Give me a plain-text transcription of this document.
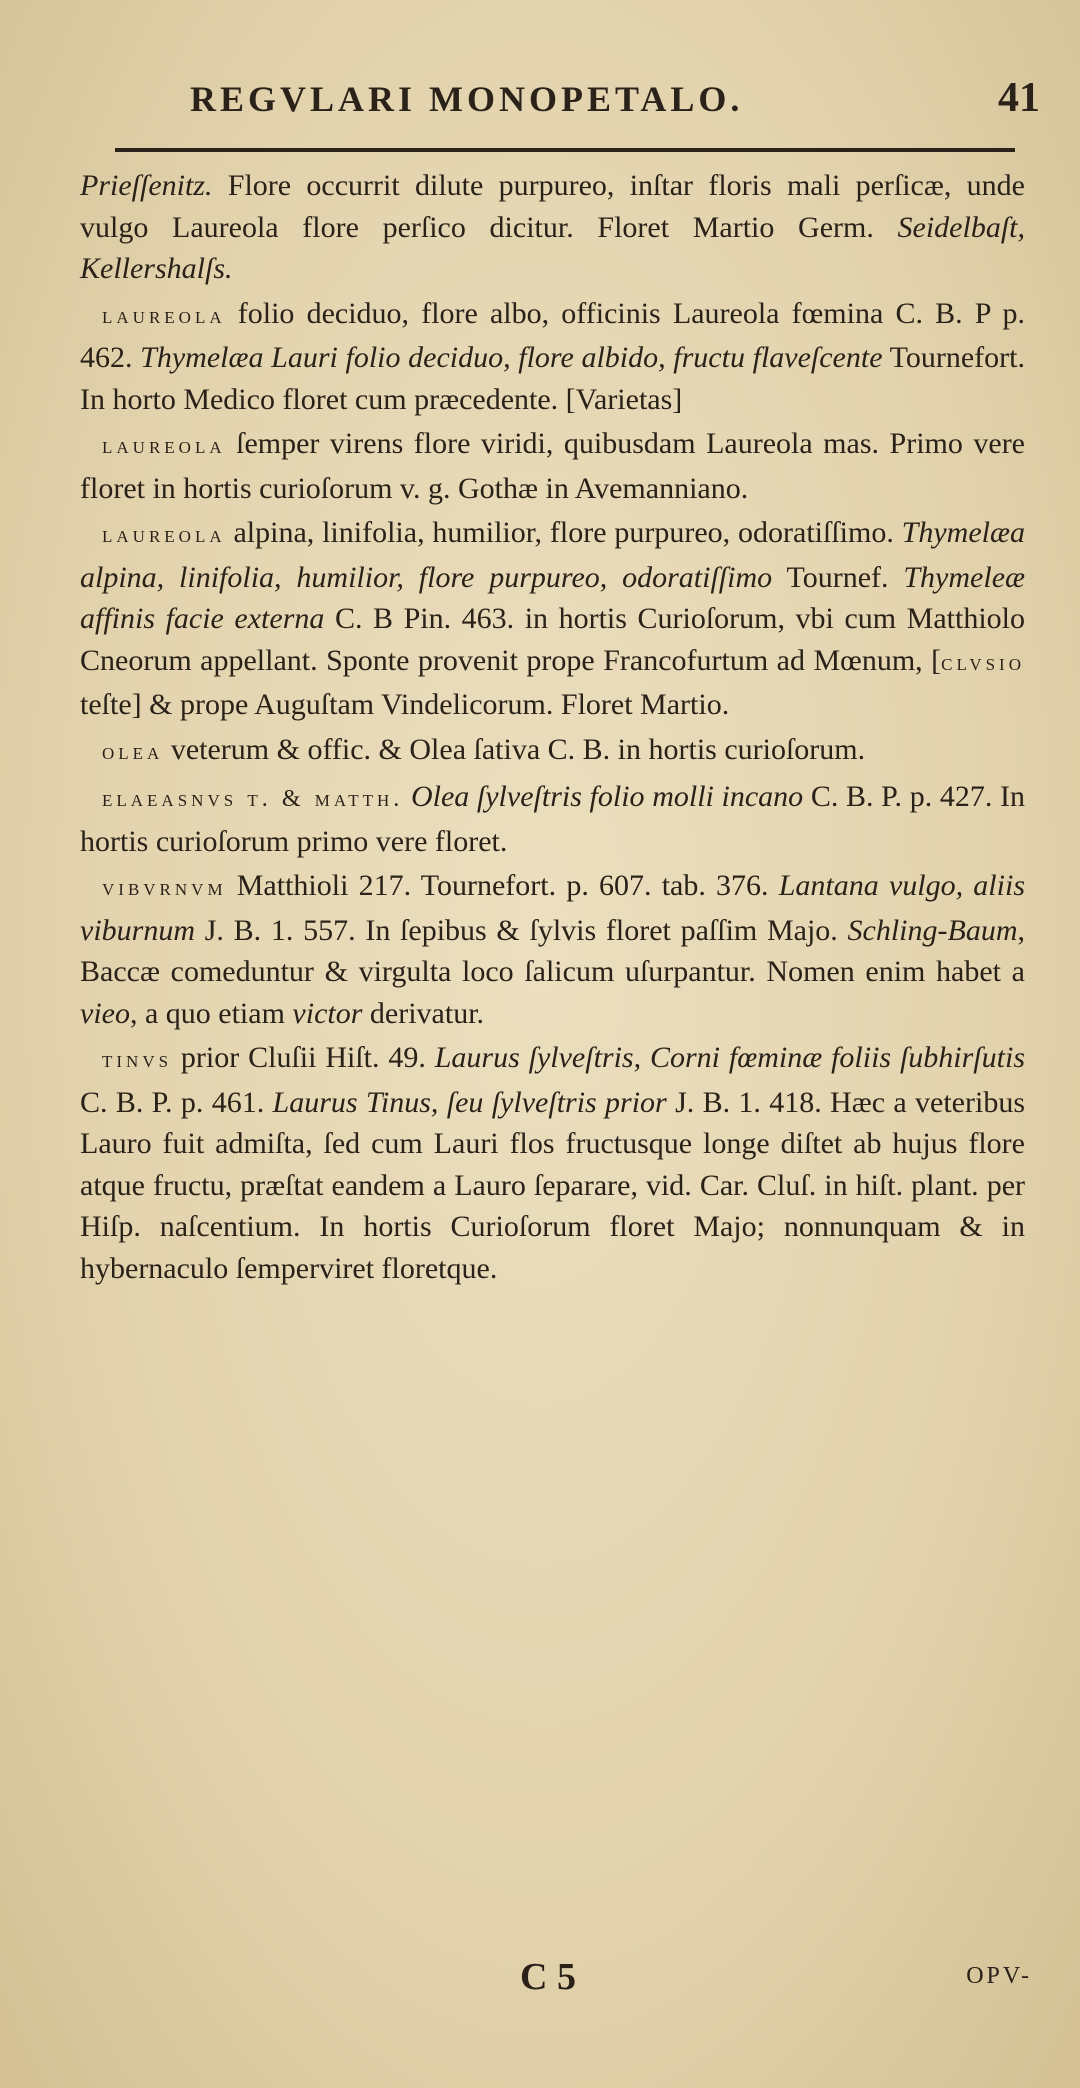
REGVLARI MONOPETALO.	41

Prieſſenitz. Flore occurrit dilute purpureo, inſtar floris mali perſicæ, unde vulgo Laureola flore perſico dicitur. Floret Martio Germ. Seidelbaſt, Kellershalſs.

laureola folio deciduo, flore albo, officinis Laureola fœmina C. B. P p. 462. Thymelæa Lauri folio deciduo, flore albido, fructu flaveſcente Tournefort. In horto Medico floret cum præcedente. [Varietas]

laureola ſemper virens flore viridi, quibusdam Laureola mas. Primo vere floret in hortis curioſorum v. g. Gothæ in Avemanniano.

laureola alpina, linifolia, humilior, flore purpureo, odoratiſſimo. Thymelæa alpina, linifolia, humilior, flore purpureo, odoratiſſimo Tournef. Thymeleæ affinis facie externa C. B Pin. 463. in hortis Curioſorum, vbi cum Matthiolo Cneorum appellant. Sponte provenit prope Francofurtum ad Mœnum, [clvsio teſte] & prope Auguſtam Vindelicorum. Floret Martio.

olea veterum & offic. & Olea ſativa C. B. in hortis curioſorum.

elaeasnvs t. & matth. Olea ſylveſtris folio molli incano C. B. P. p. 427. In hortis curioſorum primo vere floret.

vibvrnvm Matthioli 217. Tournefort. p. 607. tab. 376. Lantana vulgo, aliis viburnum J. B. 1. 557. In ſepibus & ſylvis floret paſſim Majo. Schling-Baum, Baccæ comeduntur & virgulta loco ſalicum uſurpantur. Nomen enim habet a vieo, a quo etiam victor derivatur.

tinvs prior Cluſii Hiſt. 49. Laurus ſylveſtris, Corni fœminæ foliis ſubhirſutis C. B. P. p. 461. Laurus Tinus, ſeu ſylveſtris prior J. B. 1. 418. Hæc a veteribus Lauro fuit admiſta, ſed cum Lauri flos fructusque longe diſtet ab hujus flore atque fructu, præſtat eandem a Lauro ſeparare, vid. Car. Cluſ. in hiſt. plant. per Hiſp. naſcentium. In hortis Curioſorum floret Majo; nonnunquam & in hybernaculo ſemperviret floretque.

C 5	OPV-
